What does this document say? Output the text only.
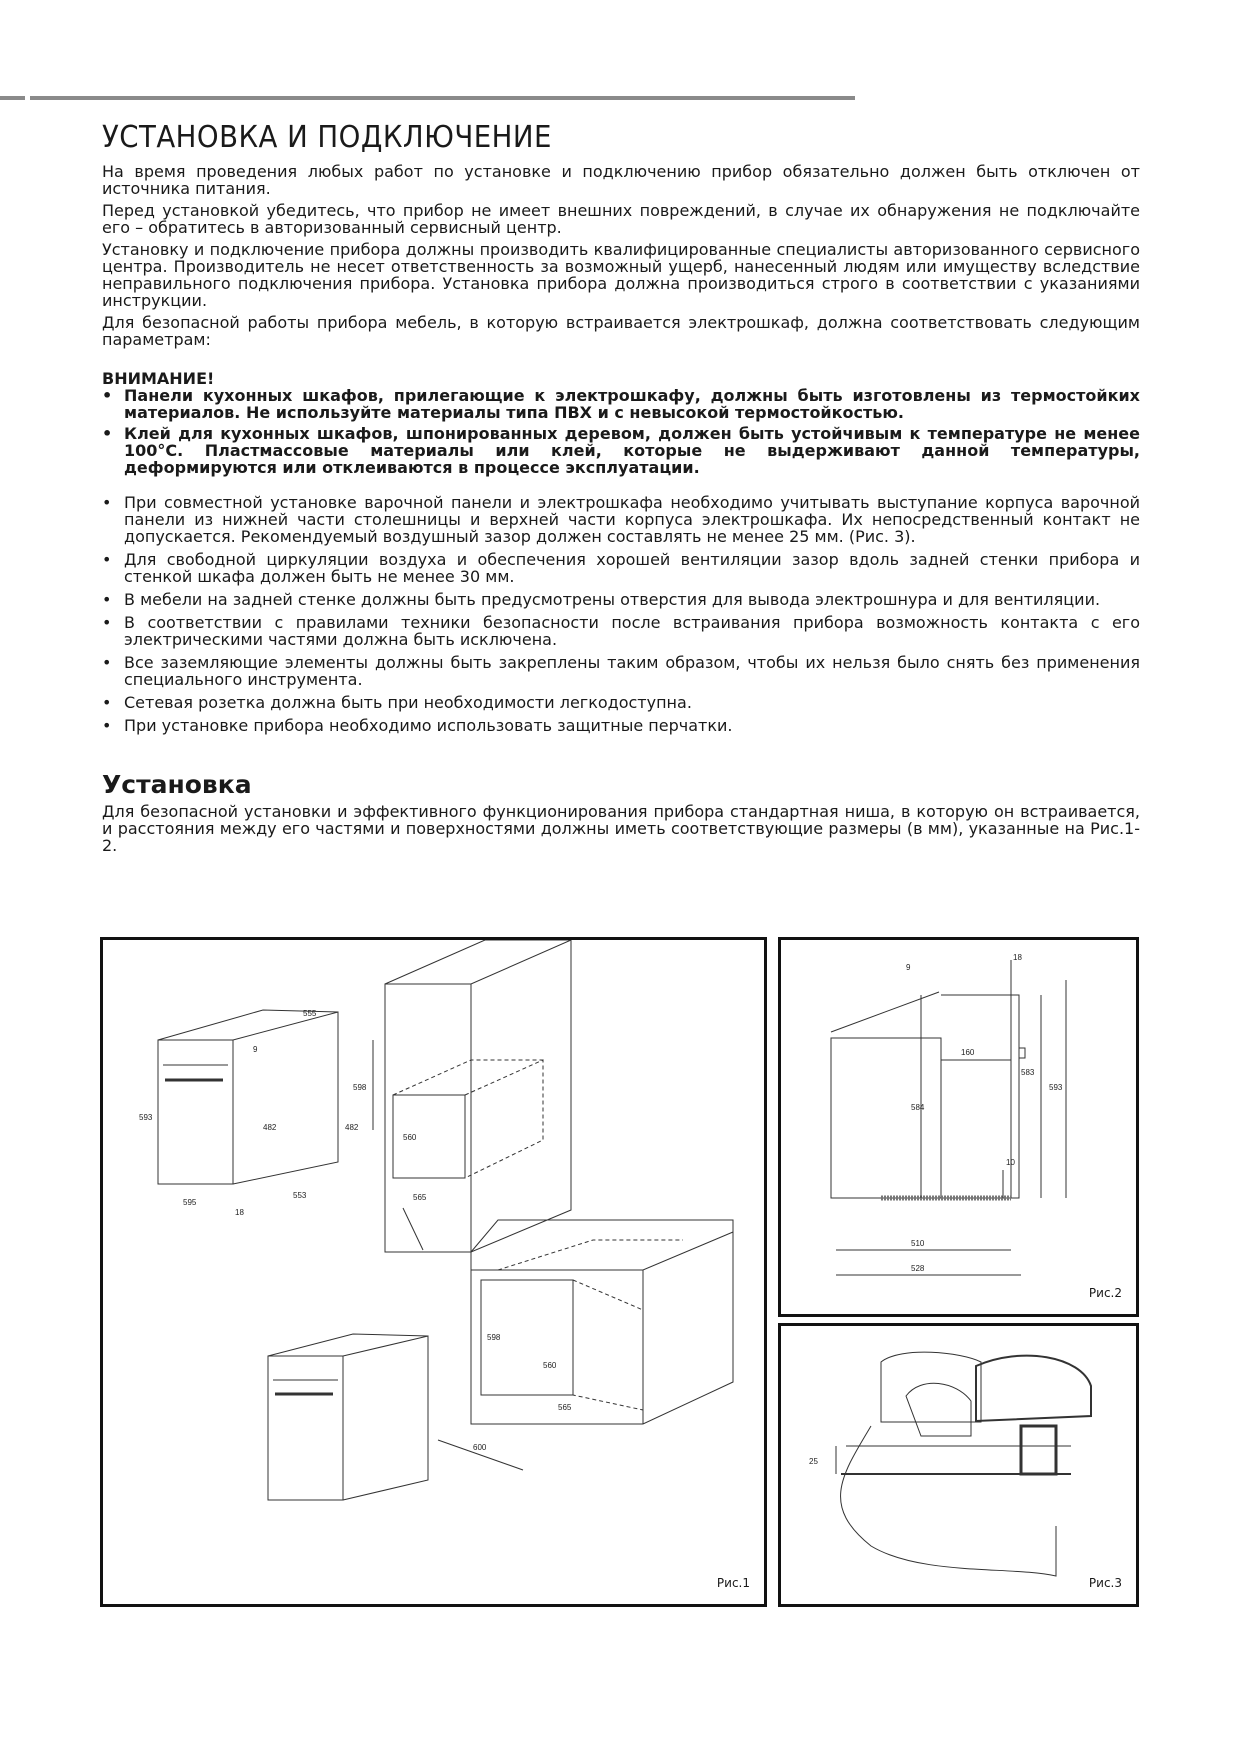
УСТАНОВКА И ПОДКЛЮЧЕНИЕ

На время проведения любых работ по установке и подключению прибор обязательно должен быть отключен от источника питания.

Перед установкой убедитесь, что прибор не имеет внешних повреждений, в случае их обнаружения не подключайте его – обратитесь в авторизованный сервисный центр.

Установку и подключение прибора должны производить квалифицированные специалисты авторизованного сервисного центра. Производитель не несет ответственность за возможный ущерб, нанесенный людям или имуществу вследствие неправильного подключения прибора. Установка прибора должна производиться строго в соответствии с указаниями инструкции.

Для безопасной работы прибора мебель, в которую встраивается электрошкаф, должна соответствовать следующим параметрам:

ВНИМАНИЕ!

• Панели кухонных шкафов, прилегающие к электрошкафу, должны быть изготовлены из термостойких материалов. Не используйте материалы типа ПВХ и с невысокой термостойкостью.
• Клей для кухонных шкафов, шпонированных деревом, должен быть устойчивым к температуре не менее 100°С. Пластмассовые материалы или клей, которые не выдерживают данной температуры, деформируются или отклеиваются в процессе эксплуатации.
• При совместной установке варочной панели и электрошкафа необходимо учитывать выступание корпуса варочной панели из нижней части столешницы и верхней части корпуса электрошкафа. Их непосредственный контакт не допускается. Рекомендуемый воздушный зазор должен составлять не менее 25 мм. (Рис. 3).
• Для свободной циркуляции воздуха и обеспечения хорошей вентиляции зазор вдоль задней стенки прибора и стенкой шкафа должен быть не менее 30 мм.
• В мебели на задней стенке должны быть предусмотрены отверстия для вывода электрошнура и для вентиляции.
• В соответствии с правилами техники безопасности после встраивания прибора возможность контакта с его электрическими частями должна быть исключена.
• Все заземляющие элементы должны быть закреплены таким образом, чтобы их нельзя было снять без применения специального инструмента.
• Сетевая розетка должна быть при необходимости легкодоступна.
• При установке прибора необходимо использовать защитные перчатки.
Установка

Для безопасной установки и эффективного функционирования прибора стандартная ниша, в которую он встраивается, и расстояния между его частями и поверхностями должны иметь соответствующие размеры (в мм), указанные на Рис.1-2.

598
560
565
555
9
593
482	482
595
553
18
598
560
565
600
Рис.1
9
18
160
583
593
584
10
510
528
Рис.2
25
Рис.3
